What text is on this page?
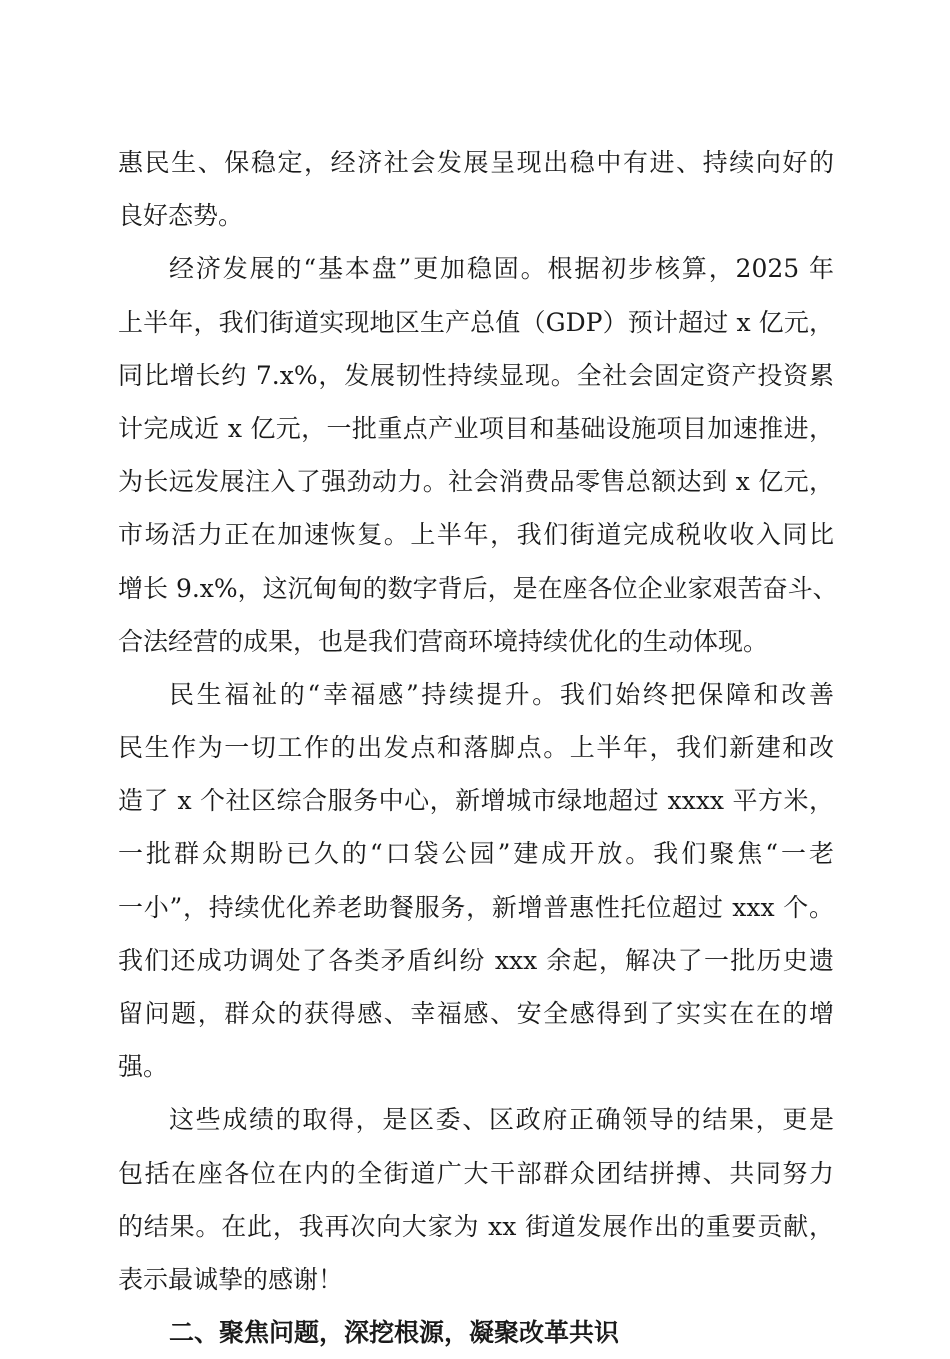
惠民生、保稳定，经济社会发展呈现出稳中有进、持续向好的
良好态势。
经济发展的“基本盘”更加稳固。根据初步核算，2025 年
上半年，我们街道实现地区生产总值（GDP）预计超过 x 亿元，
同比增长约 7.x%，发展韧性持续显现。全社会固定资产投资累
计完成近 x 亿元，一批重点产业项目和基础设施项目加速推进，
为长远发展注入了强劲动力。社会消费品零售总额达到 x 亿元，
市场活力正在加速恢复。上半年，我们街道完成税收收入同比
增长 9.x%，这沉甸甸的数字背后，是在座各位企业家艰苦奋斗、
合法经营的成果，也是我们营商环境持续优化的生动体现。
民生福祉的“幸福感”持续提升。我们始终把保障和改善
民生作为一切工作的出发点和落脚点。上半年，我们新建和改
造了 x 个社区综合服务中心，新增城市绿地超过 xxxx 平方米，
一批群众期盼已久的“口袋公园”建成开放。我们聚焦“一老
一小”，持续优化养老助餐服务，新增普惠性托位超过 xxx 个。
我们还成功调处了各类矛盾纠纷 xxx 余起，解决了一批历史遗
留问题，群众的获得感、幸福感、安全感得到了实实在在的增
强。
这些成绩的取得，是区委、区政府正确领导的结果，更是
包括在座各位在内的全街道广大干部群众团结拼搏、共同努力
的结果。在此，我再次向大家为 xx 街道发展作出的重要贡献，
表示最诚挚的感谢！
二、聚焦问题，深挖根源，凝聚改革共识
